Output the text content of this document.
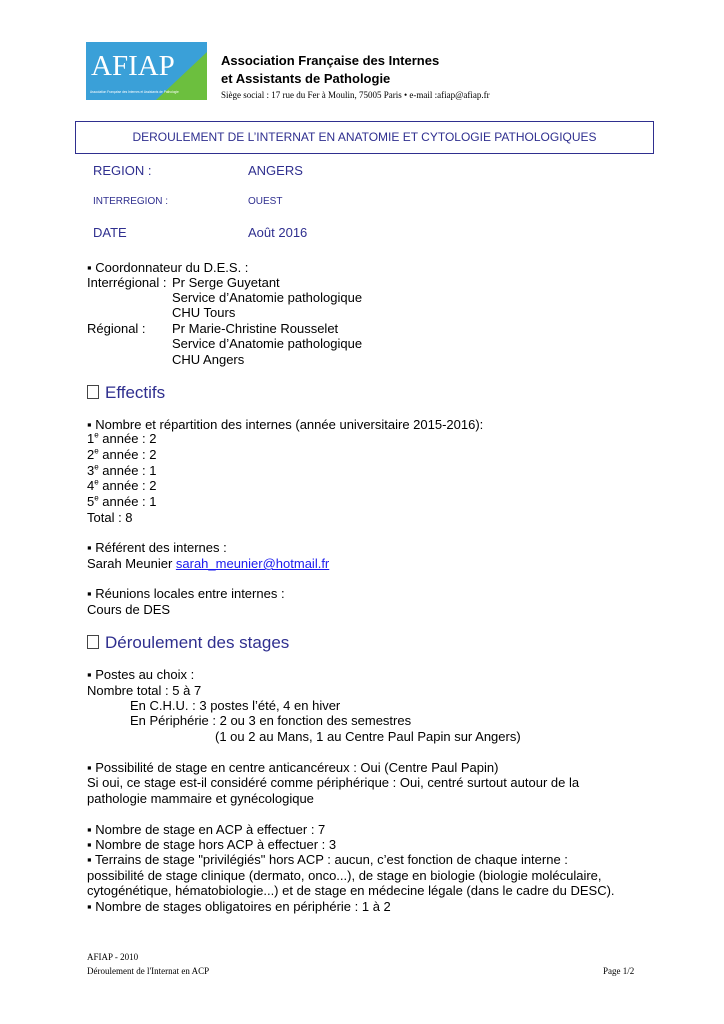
AFIAP
Association Française des Internes et Assistants de Pathologie
Association Française des Internes
et Assistants de Pathologie
Siège social : 17 rue du Fer à Moulin, 75005 Paris • e-mail :afiap@afiap.fr
DEROULEMENT DE L’INTERNAT EN ANATOMIE ET CYTOLOGIE PATHOLOGIQUES
REGION :	ANGERS
INTERREGION :	OUEST
DATE	Août 2016
▪ Coordonnateur du D.E.S. :
Interrégional : Pr Serge Guyetant
Service d’Anatomie pathologique
CHU Tours
Régional : Pr Marie-Christine Rousselet
Service d’Anatomie pathologique
CHU Angers
Effectifs
▪ Nombre et répartition des internes (année universitaire 2015-2016):
1e année : 2
2e année : 2
3e année : 1
4e année : 2
5e année : 1
Total : 8
▪ Référent des internes :
Sarah Meunier sarah_meunier@hotmail.fr
▪ Réunions locales entre internes :
Cours de DES
Déroulement des stages
▪ Postes au choix :
Nombre total : 5 à 7
En C.H.U. : 3 postes l’été, 4 en hiver
En Périphérie : 2 ou 3 en fonction des semestres
(1 ou 2 au Mans, 1 au Centre Paul Papin sur Angers)
▪ Possibilité de stage en centre anticancéreux : Oui (Centre Paul Papin)
Si oui, ce stage est-il considéré comme périphérique : Oui, centré surtout autour de la
pathologie mammaire et gynécologique
▪ Nombre de stage en ACP à effectuer : 7
▪ Nombre de stage hors ACP à effectuer : 3
▪ Terrains de stage "privilégiés" hors ACP : aucun, c’est fonction de chaque interne :
possibilité de stage clinique (dermato, onco...), de stage en biologie (biologie moléculaire,
cytogénétique, hématobiologie...) et de stage en médecine légale (dans le cadre du DESC).
▪ Nombre de stages obligatoires en périphérie : 1 à 2
AFIAP - 2010
Déroulement de l'Internat en ACP	Page 1/2
